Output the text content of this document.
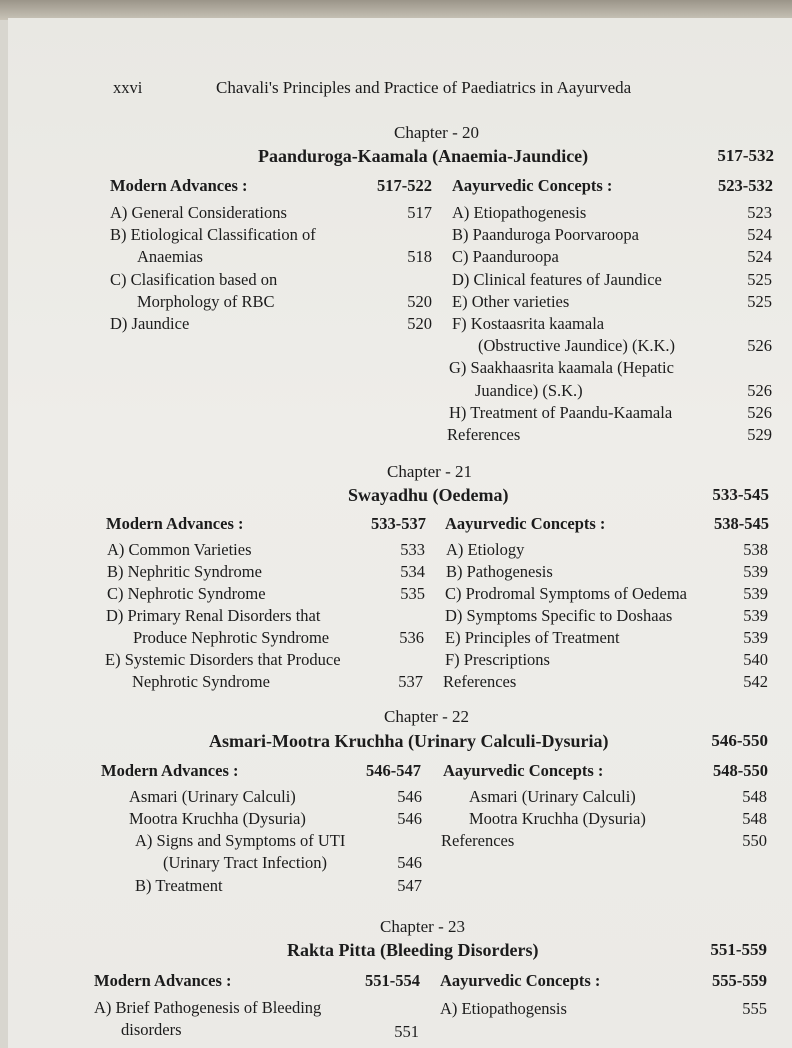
xxvi	Chavali's Principles and Practice of Paediatrics in Aayurveda
Chapter - 20
Paanduroga-Kaamala (Anaemia-Jaundice)	517-532
Modern Advances :	517-522 Aayurvedic Concepts :	523-532
A) General Considerations	517
B) Etiological Classification of
Anaemias	518
C) Clasification based on
Morphology of RBC	520
D) Jaundice	520
A) Etiopathogenesis	523
B) Paanduroga Poorvaroopa	524
C) Paanduroopa	524
D) Clinical features of Jaundice	525
E) Other varieties	525
F) Kostaasrita kaamala
(Obstructive Jaundice) (K.K.)	526
G) Saakhaasrita kaamala (Hepatic
Juandice) (S.K.)	526
H) Treatment of Paandu-Kaamala	526
References	529
Chapter - 21
Swayadhu (Oedema)	533-545
Modern Advances :	533-537 Aayurvedic Concepts :	538-545
A) Common Varieties	533
B) Nephritic Syndrome	534
C) Nephrotic Syndrome	535
D) Primary Renal Disorders that
Produce Nephrotic Syndrome	536
E) Systemic Disorders that Produce
Nephrotic Syndrome	537
A) Etiology	538
B) Pathogenesis	539
C) Prodromal Symptoms of Oedema	539
D) Symptoms Specific to Doshaas	539
E) Principles of Treatment	539
F) Prescriptions	540
References	542
Chapter - 22
Asmari-Mootra Kruchha (Urinary Calculi-Dysuria)	546-550
Modern Advances :	546-547 Aayurvedic Concepts :	548-550
Asmari (Urinary Calculi)	546
Mootra Kruchha (Dysuria)	546
A) Signs and Symptoms of UTI
(Urinary Tract Infection)	546
B) Treatment	547
Asmari (Urinary Calculi)	548
Mootra Kruchha (Dysuria)	548
References	550
Chapter - 23
Rakta Pitta (Bleeding Disorders)	551-559
Modern Advances :	551-554 Aayurvedic Concepts :	555-559
A) Brief Pathogenesis of Bleeding
disorders	551
A) Etiopathogensis	555
